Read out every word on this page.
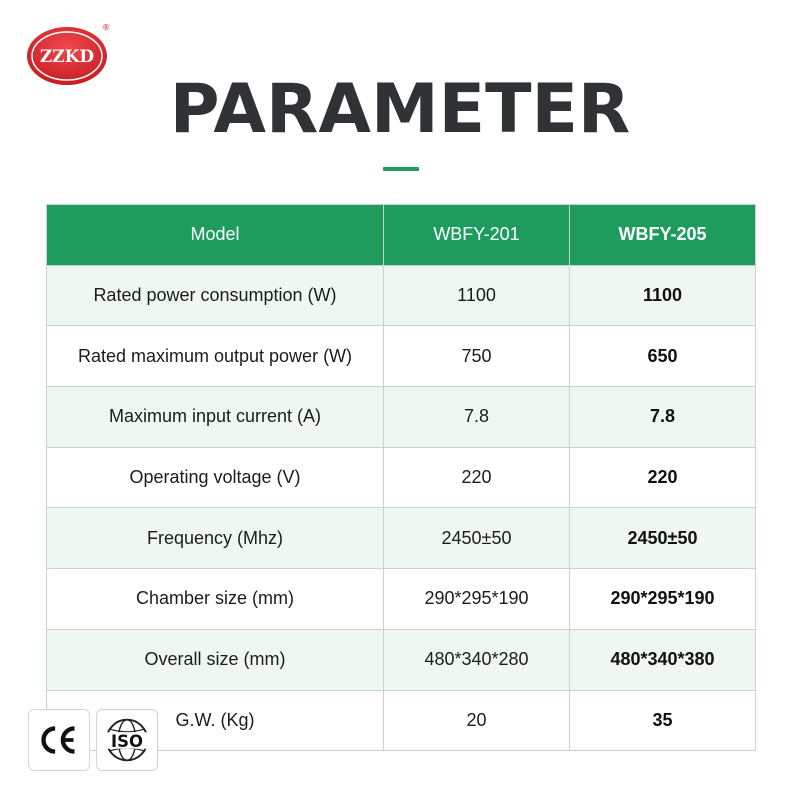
ZZKD
®
PARAMETER
Model	WBFY-201	WBFY-205
Rated power consumption (W)	1100	1100
Rated maximum output power (W)	750	650
Maximum input current (A)	7.8	7.8
Operating voltage (V)	220	220
Frequency (Mhz)	2450±50	2450±50
Chamber size (mm)	290*295*190	290*295*190
Overall size (mm)	480*340*280	480*340*380
G.W. (Kg)	20	35
ISO
